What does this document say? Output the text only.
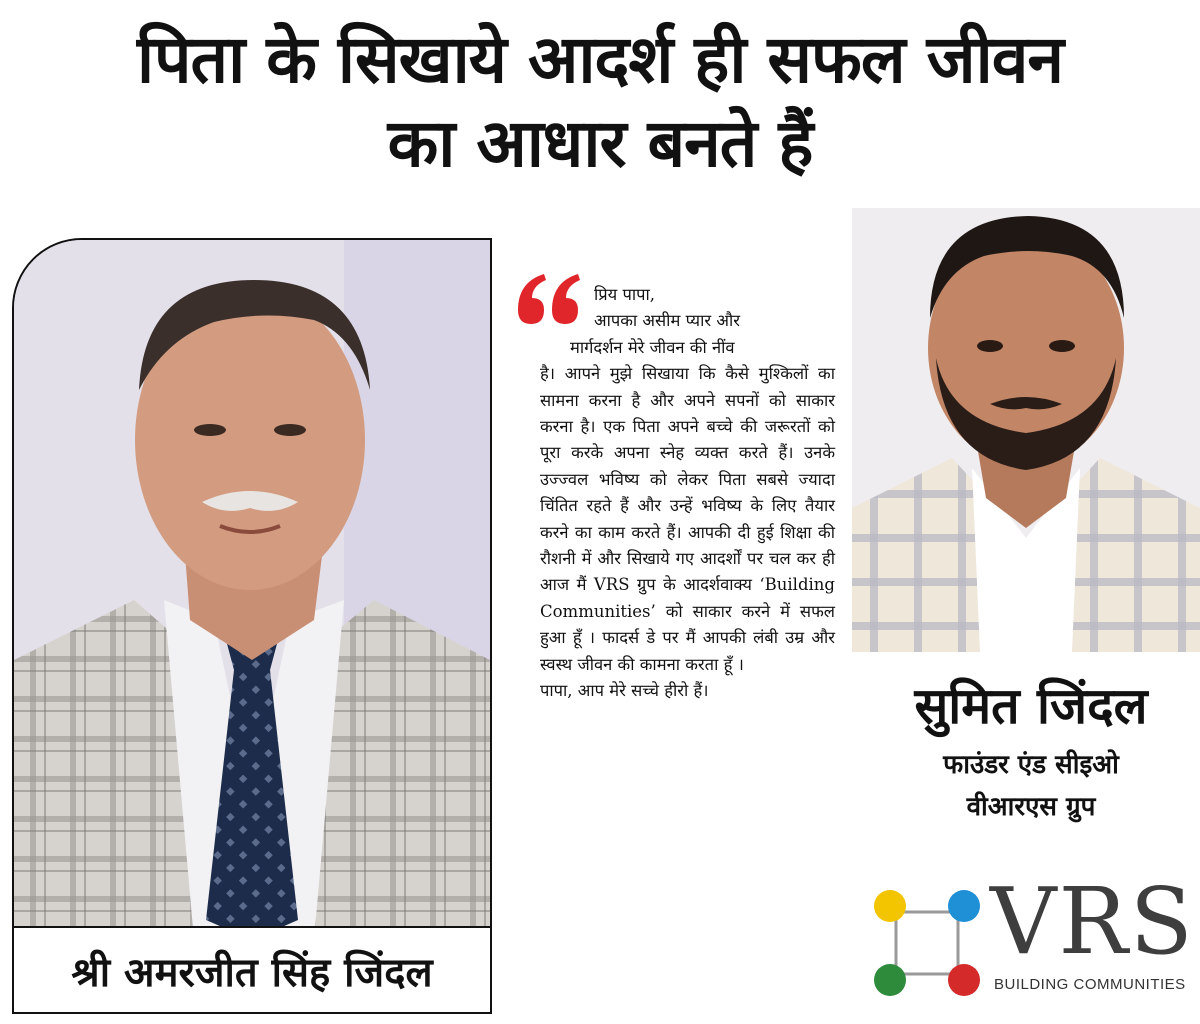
पिता के सिखाये आदर्श ही सफल जीवन
का आधार बनते हैं
श्री अमरजीत सिंह जिंदल

प्रिय पापा,

आपका असीम प्यार और

मार्गदर्शन मेरे जीवन की नींव

है। आपने मुझे सिखाया कि कैसे मुश्किलों का सामना करना है और अपने सपनों को साकार करना है। एक पिता अपने बच्चे की जरूरतों को पूरा करके अपना स्नेह व्यक्त करते हैं। उनके उज्ज्वल भविष्य को लेकर पिता सबसे ज्यादा चिंतित रहते हैं और उन्हें भविष्य के लिए तैयार करने का काम करते हैं। आपकी दी हुई शिक्षा की रौशनी में और सिखाये गए आदर्शों पर चल कर ही आज मैं VRS ग्रुप के आदर्शवाक्य ‘Building Communities’ को साकार करने में सफल हुआ हूँ । फादर्स डे पर मैं आपकी लंबी उम्र और स्वस्थ जीवन की कामना करता हूँ ।

पापा, आप मेरे सच्चे हीरो हैं।	सुमित जिंदल
फाउंडर एंड सीइओ
वीआरएस ग्रुप
VRS
BUILDING COMMUNITIES
